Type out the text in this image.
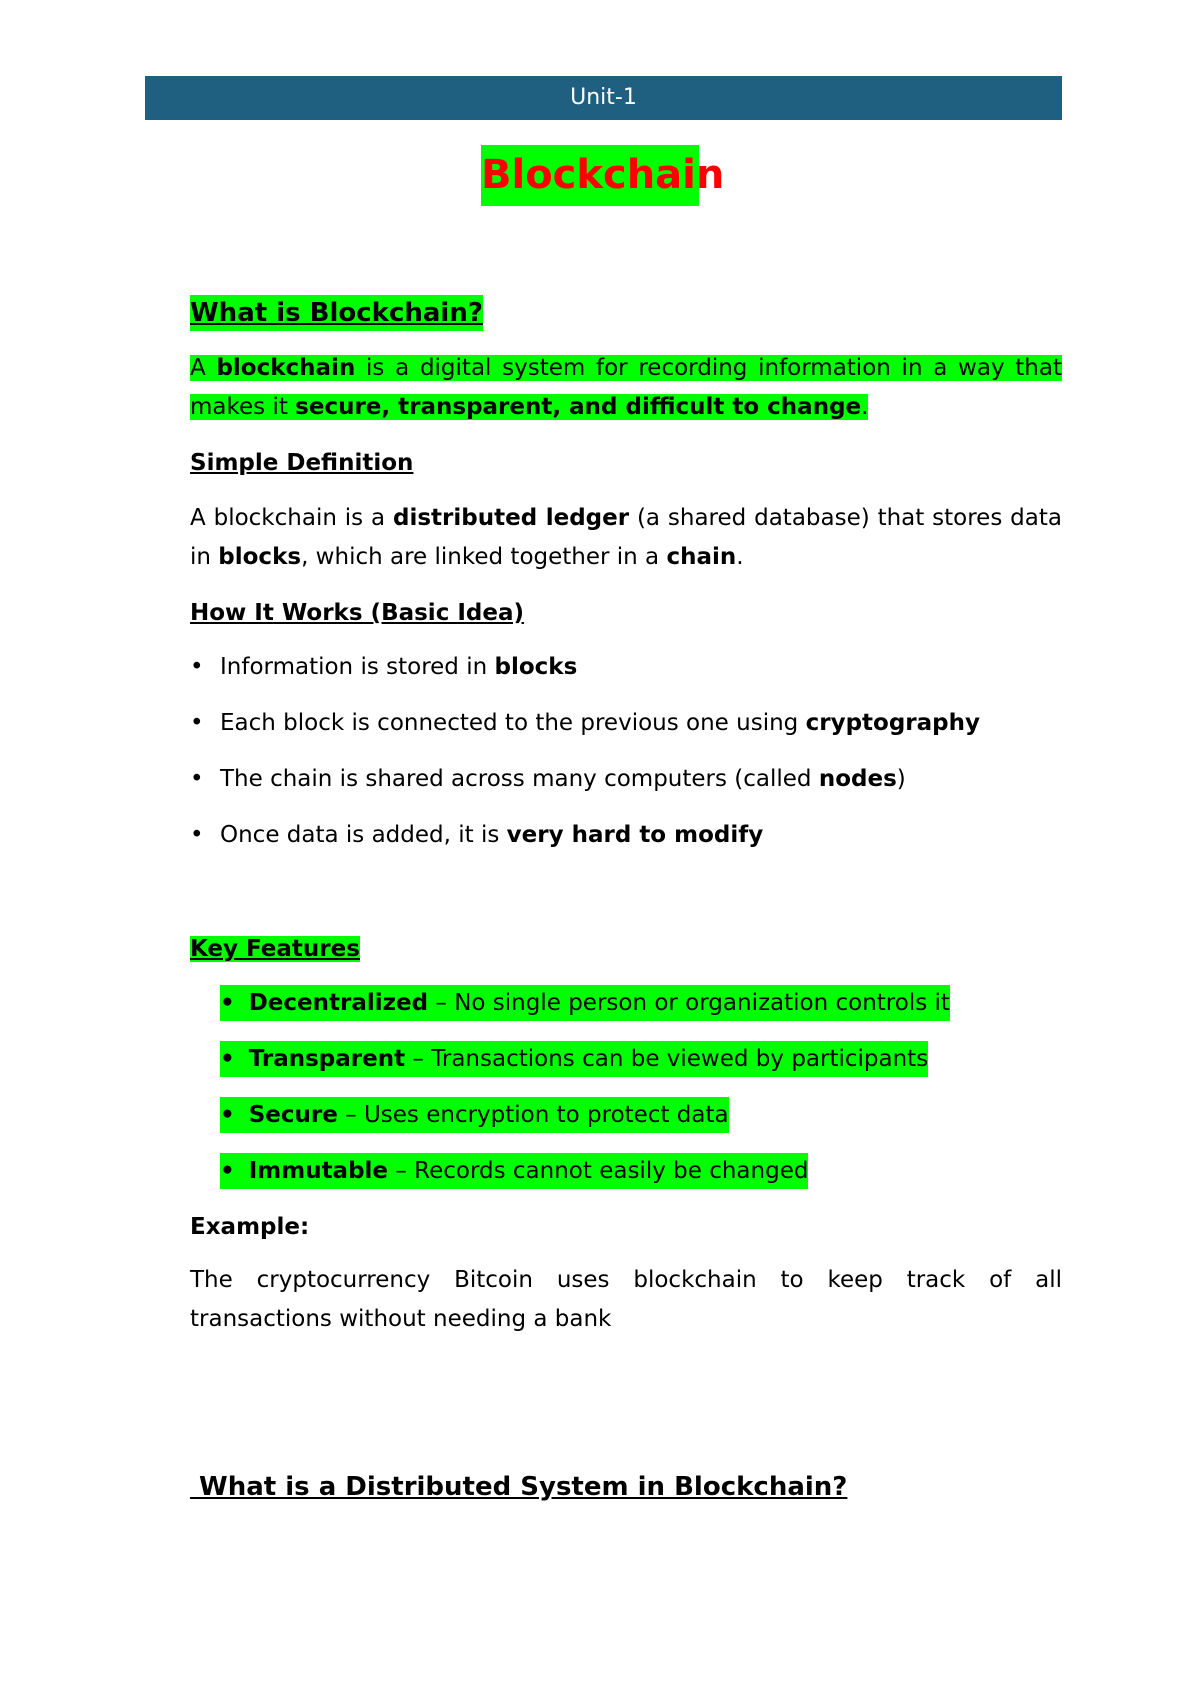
Unit-1
Blockchain
What is Blockchain?

A blockchain is a digital system for recording information in a way that makes it secure, transparent, and difficult to change.

Simple Definition

A blockchain is a distributed ledger (a shared database) that stores data in blocks, which are linked together in a chain.

How It Works (Basic Idea)

• Information is stored in blocks
• Each block is connected to the previous one using cryptography
• The chain is shared across many computers (called nodes)
• Once data is added, it is very hard to modify

Key Features

• Decentralized – No single person or organization controls it
• Transparent – Transactions can be viewed by participants
• Secure – Uses encryption to protect data
• Immutable – Records cannot easily be changed

Example:

The cryptocurrency Bitcoin uses blockchain to keep track of all transactions without needing a bank

What is a Distributed System in Blockchain?
